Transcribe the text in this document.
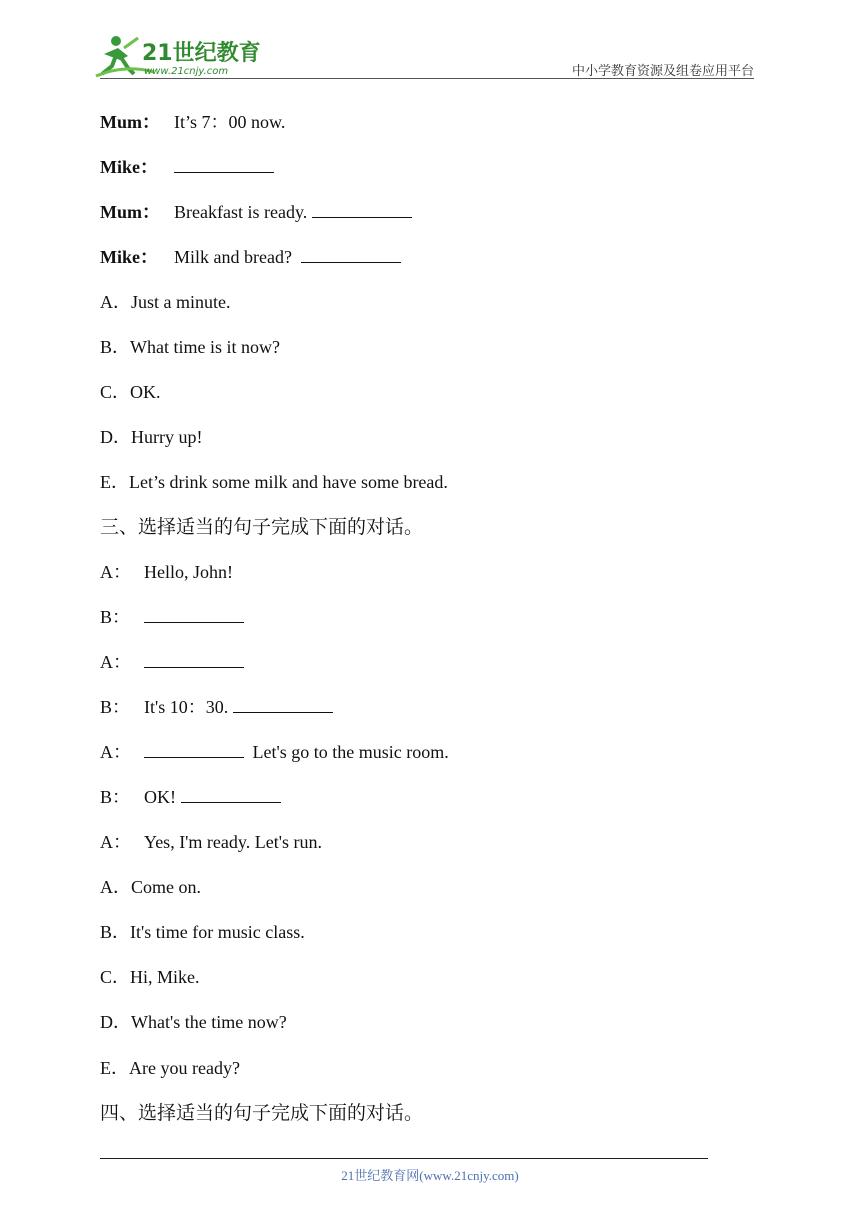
21世纪教育
www.21cnjy.com	中小学教育资源及组卷应用平台
Mum： It’s 7：00 now.
Mike：
Mum： Breakfast is ready.
Mike： Milk and bread?
A．Just a minute.
B．What time is it now?
C．OK.
D．Hurry up!
E．Let’s drink some milk and have some bread.
三、选择适当的句子完成下面的对话。
A： Hello, John!
B：
A：
B： It's 10：30.
A：	Let's go to the music room.
B： OK!
A： Yes, I'm ready. Let's run.
A．Come on.
B．It's time for music class.
C．Hi, Mike.
D．What's the time now?
E．Are you ready?
四、选择适当的句子完成下面的对话。
21世纪教育网(www.21cnjy.com)
